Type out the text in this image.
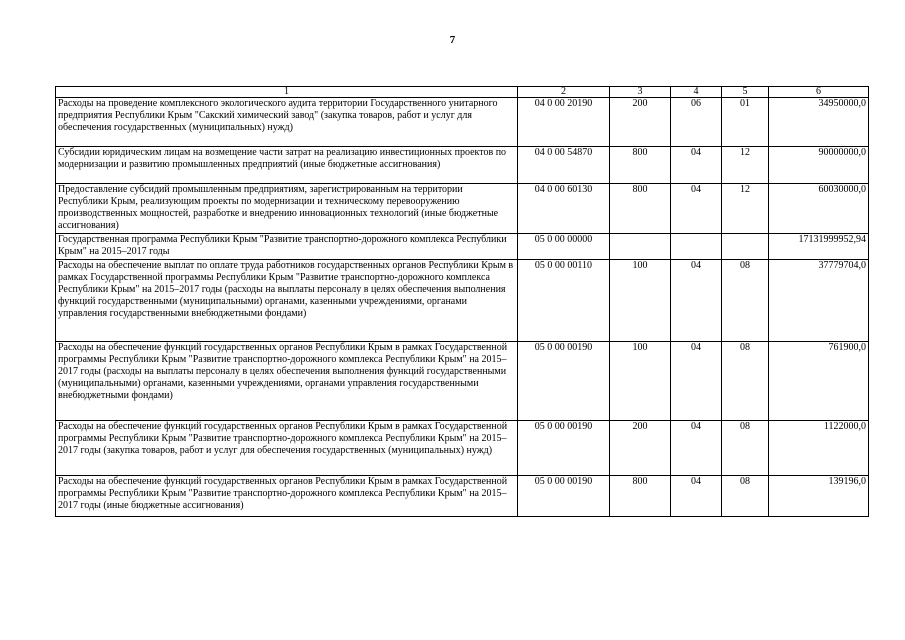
7
1	2	3	4	5	6
Расходы на проведение комплексного экологического аудита территории Государственного унитарного предприятия Республики Крым "Сакский химический завод" (закупка товаров, работ и услуг для обеспечения государственных (муниципальных) нужд)	04 0 00 20190	200	06	01	34950000,0
Субсидии юридическим лицам на возмещение части затрат на реализацию инвестиционных проектов по модернизации и развитию промышленных предприятий (иные бюджетные ассигнования)	04 0 00 54870	800	04	12	90000000,0
Предоставление субсидий промышленным предприятиям, зарегистрированным на территории Республики Крым, реализующим проекты по модернизации и техническому перевооружению производственных мощностей, разработке и внедрению инновационных технологий (иные бюджетные ассигнования)	04 0 00 60130	800	04	12	60030000,0
Государственная программа Республики Крым "Развитие транспортно-дорожного комплекса Республики Крым" на 2015–2017 годы	05 0 00 00000				17131999952,94
Расходы на обеспечение выплат по оплате труда работников государственных органов Республики Крым в рамках Государственной программы Республики Крым "Развитие транспортно-дорожного комплекса Республики Крым" на 2015–2017 годы (расходы на выплаты персоналу в целях обеспечения выполнения функций государственными (муниципальными) органами, казенными учреждениями, органами управления государственными внебюджетными фондами)	05 0 00 00110	100	04	08	37779704,0
Расходы на обеспечение функций государственных органов Республики Крым в рамках Государственной программы Республики Крым "Развитие транспортно-дорожного комплекса Республики Крым" на 2015–2017 годы (расходы на выплаты персоналу в целях обеспечения выполнения функций государственными (муниципальными) органами, казенными учреждениями, органами управления государственными внебюджетными фондами)	05 0 00 00190	100	04	08	761900,0
Расходы на обеспечение функций государственных органов Республики Крым в рамках Государственной программы Республики Крым "Развитие транспортно-дорожного комплекса Республики Крым" на 2015–2017 годы (закупка товаров, работ и услуг для обеспечения государственных (муниципальных) нужд)	05 0 00 00190	200	04	08	1122000,0
Расходы на обеспечение функций государственных органов Республики Крым в рамках Государственной программы Республики Крым "Развитие транспортно-дорожного комплекса Республики Крым" на 2015–2017 годы (иные бюджетные ассигнования)	05 0 00 00190	800	04	08	139196,0
